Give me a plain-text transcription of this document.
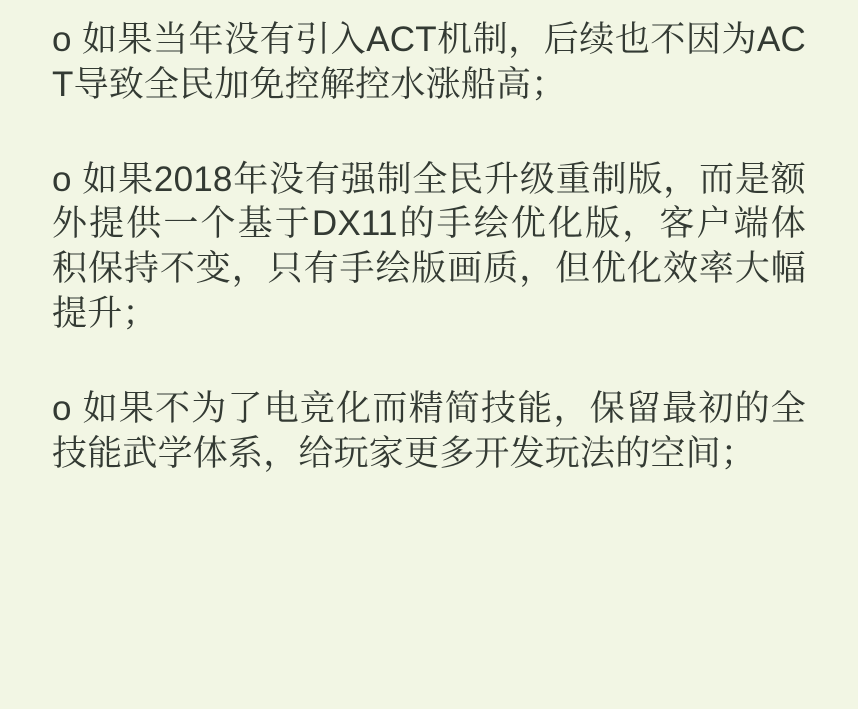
o 如果当年没有引入ACT机制，后续也不因为ACT导致全民加免控解控水涨船高；

o 如果2018年没有强制全民升级重制版，而是额外提供一个基于DX11的手绘优化版，客户端体积保持不变，只有手绘版画质，但优化效率大幅提升；

o 如果不为了电竞化而精简技能，保留最初的全技能武学体系，给玩家更多开发玩法的空间；
